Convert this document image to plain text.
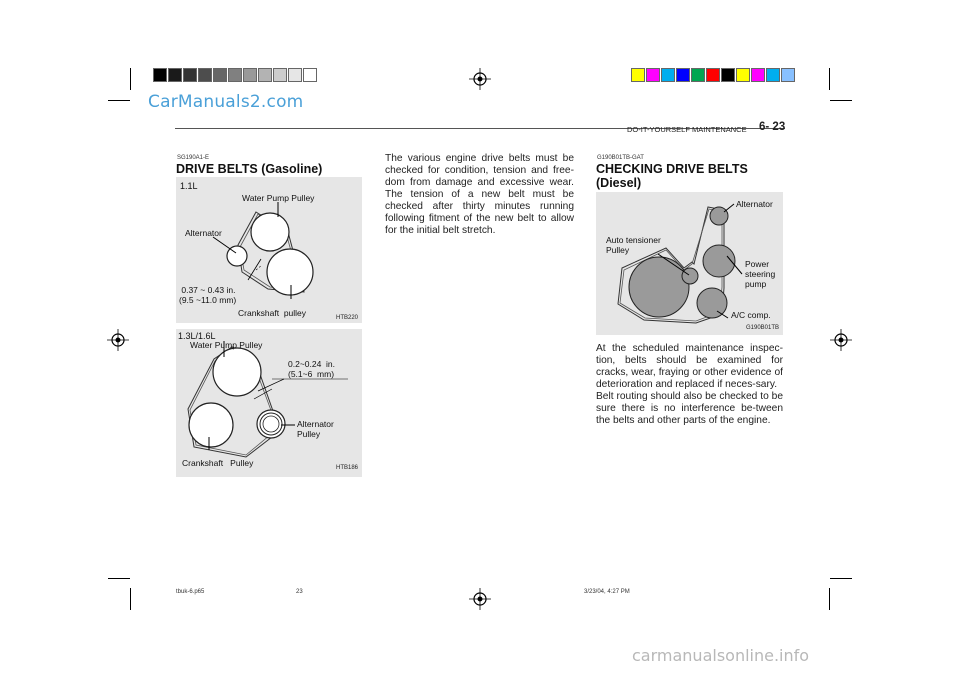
CarManuals2.com
DO-IT-YOURSELF MAINTENANCE 6- 23
SG190A1-E
DRIVE BELTS (Gasoline)
1.1L
Water Pump Pulley
Alternator
0.37 ~ 0.43 in.
(9.5 ~11.0 mm)
Crankshaft  pulley	HTB220
1.3L/1.6L
Water Pump Pulley
0.2~0.24  in.
(5.1~6  mm)
Alternator
Pulley
Crankshaft   Pulley	HTB186
The various engine drive belts must be checked for condition, tension and free-dom from damage and excessive wear. The tension of a new belt must be checked after thirty minutes running following fitment of the new belt to allow for the initial belt stretch.
G190B01TB-GAT
CHECKING DRIVE BELTS
(Diesel)
Alternator
Auto tensioner
Pulley
Power
steering
pump
A/C comp.
G190B01TB

At the scheduled maintenance inspec-tion, belts should be examined for cracks, wear, fraying or other evidence of deterioration and replaced if neces-sary.

Belt routing should also be checked to be sure there is no interference be-tween the belts and other parts of the engine.

tbuk-6.p65	23	3/23/04, 4:27 PM
carmanualsonline.info
